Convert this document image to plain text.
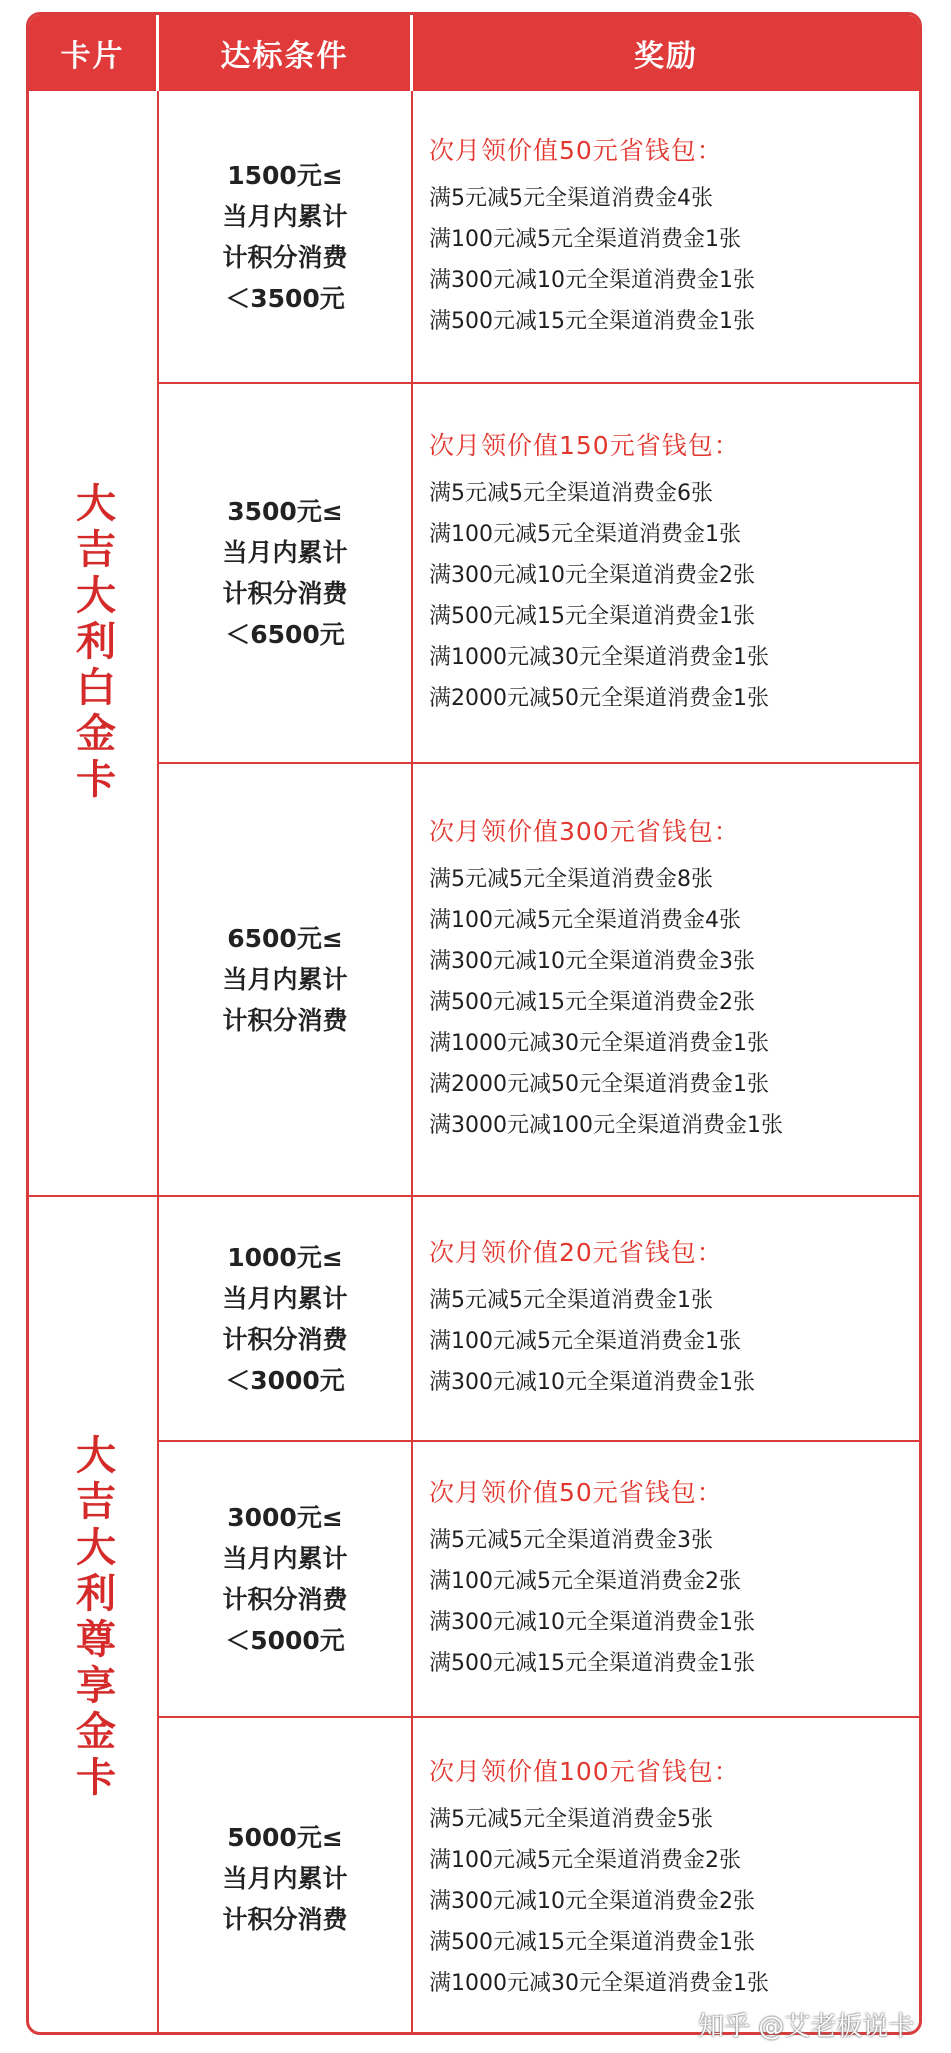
卡片	达标条件	奖励
大吉大利白金卡
1500元≤
当月内累计
计积分消费
＜3500元
次月领价值50元省钱包：
满5元减5元全渠道消费金4张
满100元减5元全渠道消费金1张
满300元减10元全渠道消费金1张
满500元减15元全渠道消费金1张
3500元≤
当月内累计
计积分消费
＜6500元
次月领价值150元省钱包：
满5元减5元全渠道消费金6张
满100元减5元全渠道消费金1张
满300元减10元全渠道消费金2张
满500元减15元全渠道消费金1张
满1000元减30元全渠道消费金1张
满2000元减50元全渠道消费金1张
6500元≤
当月内累计
计积分消费
次月领价值300元省钱包：
满5元减5元全渠道消费金8张
满100元减5元全渠道消费金4张
满300元减10元全渠道消费金3张
满500元减15元全渠道消费金2张
满1000元减30元全渠道消费金1张
满2000元减50元全渠道消费金1张
满3000元减100元全渠道消费金1张
大吉大利尊享金卡
1000元≤
当月内累计
计积分消费
＜3000元
次月领价值20元省钱包：
满5元减5元全渠道消费金1张
满100元减5元全渠道消费金1张
满300元减10元全渠道消费金1张
3000元≤
当月内累计
计积分消费
＜5000元
次月领价值50元省钱包：
满5元减5元全渠道消费金3张
满100元减5元全渠道消费金2张
满300元减10元全渠道消费金1张
满500元减15元全渠道消费金1张
5000元≤
当月内累计
计积分消费
次月领价值100元省钱包：
满5元减5元全渠道消费金5张
满100元减5元全渠道消费金2张
满300元减10元全渠道消费金2张
满500元减15元全渠道消费金1张
满1000元减30元全渠道消费金1张
知乎 @艾老板说卡
